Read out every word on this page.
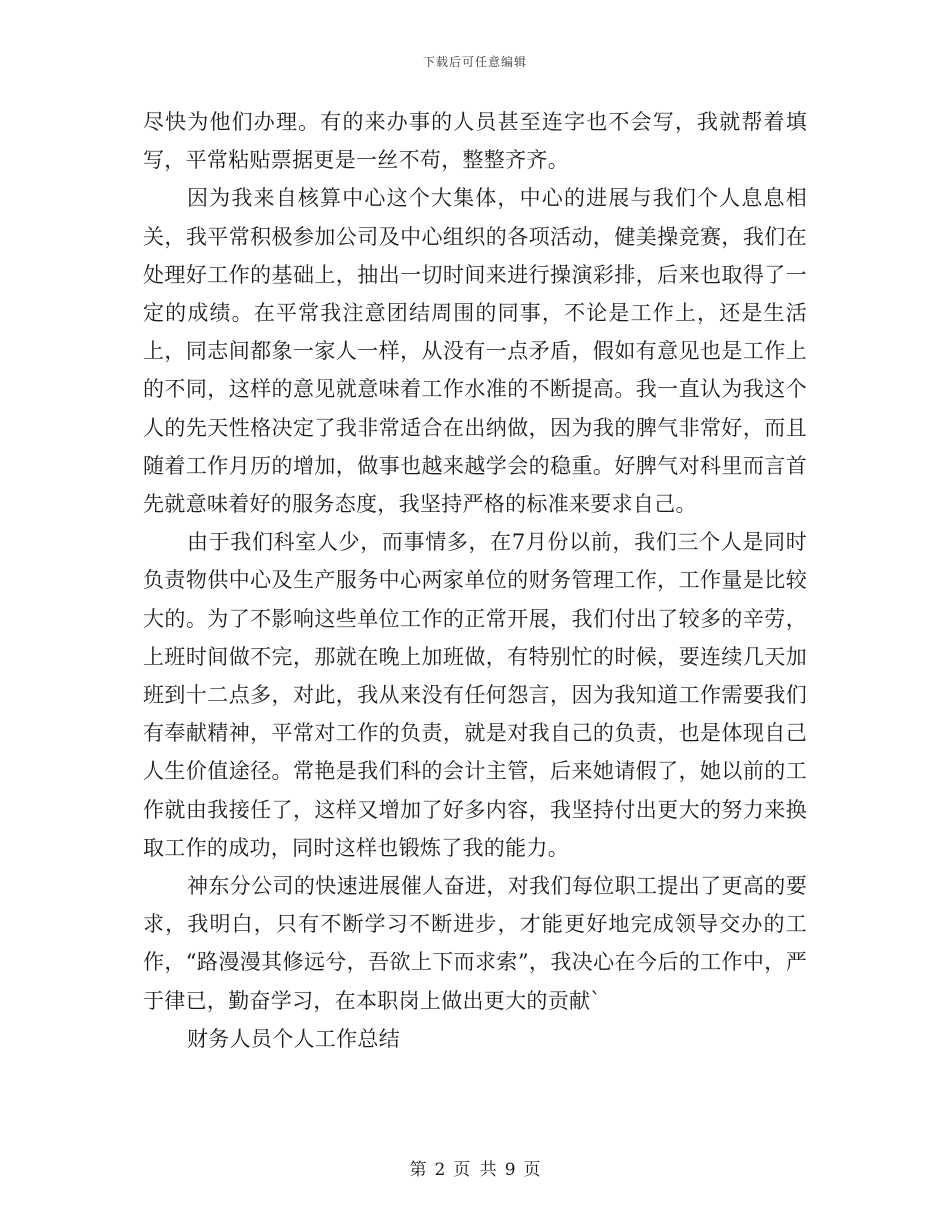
下载后可任意编辑

尽快为他们办理。有的来办事的人员甚至连字也不会写，我就帮着填写，平常粘贴票据更是一丝不苟，整整齐齐。

因为我来自核算中心这个大集体，中心的进展与我们个人息息相关，我平常积极参加公司及中心组织的各项活动，健美操竞赛，我们在处理好工作的基础上，抽出一切时间来进行操演彩排，后来也取得了一定的成绩。在平常我注意团结周围的同事，不论是工作上，还是生活上，同志间都象一家人一样，从没有一点矛盾，假如有意见也是工作上的不同，这样的意见就意味着工作水准的不断提高。我一直认为我这个人的先天性格决定了我非常适合在出纳做，因为我的脾气非常好，而且随着工作月历的增加，做事也越来越学会的稳重。好脾气对科里而言首先就意味着好的服务态度，我坚持严格的标准来要求自己。

由于我们科室人少，而事情多，在7月份以前，我们三个人是同时负责物供中心及生产服务中心两家单位的财务管理工作，工作量是比较大的。为了不影响这些单位工作的正常开展，我们付出了较多的辛劳，上班时间做不完，那就在晚上加班做，有特别忙的时候，要连续几天加班到十二点多，对此，我从来没有任何怨言，因为我知道工作需要我们有奉献精神，平常对工作的负责，就是对我自己的负责，也是体现自己人生价值途径。常艳是我们科的会计主管，后来她请假了，她以前的工作就由我接任了，这样又增加了好多内容，我坚持付出更大的努力来换取工作的成功，同时这样也锻炼了我的能力。

神东分公司的快速进展催人奋进，对我们每位职工提出了更高的要求，我明白，只有不断学习不断进步，才能更好地完成领导交办的工作，“路漫漫其修远兮，吾欲上下而求索”，我决心在今后的工作中，严于律已，勤奋学习，在本职岗上做出更大的贡献`

财务人员个人工作总结

第 2 页 共 9 页
